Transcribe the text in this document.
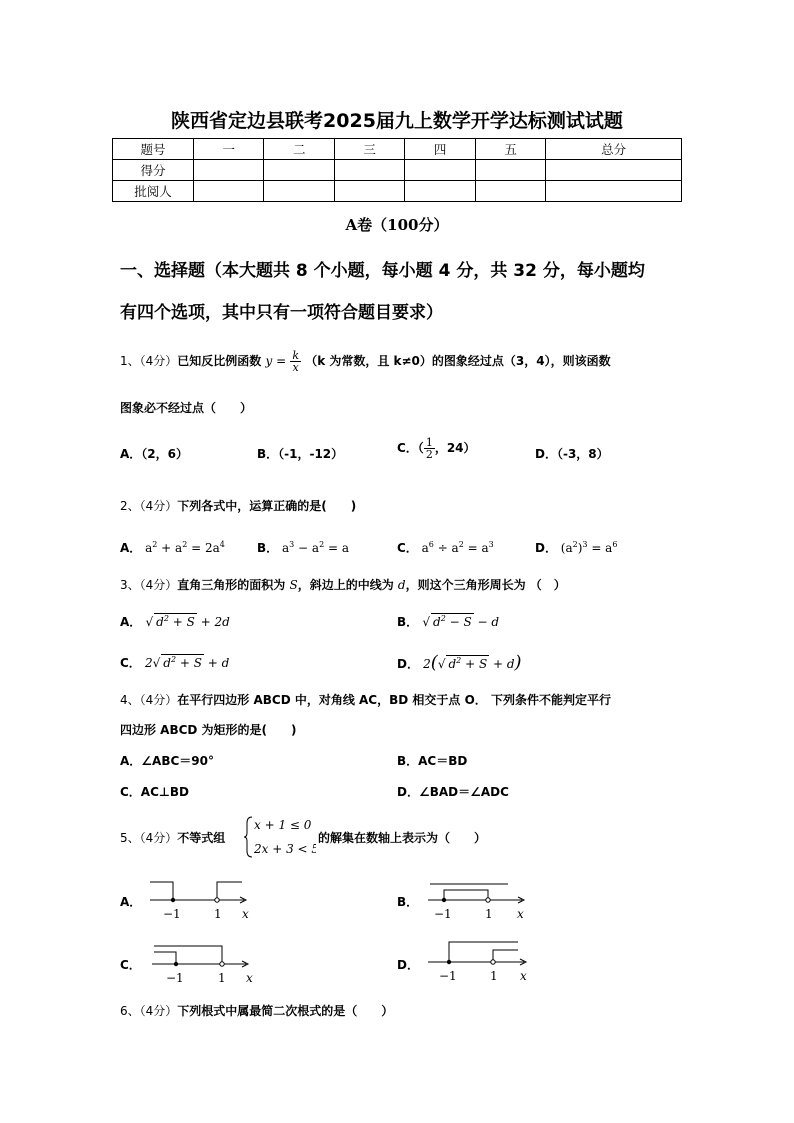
陕西省定边县联考2025届九上数学开学达标测试试题
题号	一	二	三	四	五	总分
得分						
批阅人						
A卷（100分）
一、选择题（本大题共 8 个小题，每小题 4 分，共 32 分，每小题均
有四个选项，其中只有一项符合题目要求）
1、（4分）已知反比例函数 $y = \frac{k}{x} (k$ 为常数，且 k≠0）的图象经过点（3，4），则该函数
图象必不经过点（　　）
A．（2，6）	B．（-1，-12）	C．（ $\frac{1}{2}$ ，24）	D．（-3，8）
2、（4分）下列各式中，运算正确的是(　　)
A． $a^2 + a^2 = 2a^4$	B． $a^3 - a^2 = a$	C． $a^6 \div a^2 = a^3$	D． $(a^2)^3 = a^6$
3、（4分）直角三角形的面积为 S，斜边上的中线为 d，则这个三角形周长为 （　）
A． √ $d^2 + S + 2d$	B． √ $d^2 - S - d$
C． 2√ $d^2 + S + d$	D． 2(√ $d^2 + S + d$)
4、（4分）在平行四边形 ABCD 中，对角线 AC，BD 相交于点 O． 下列条件不能判定平行
四边形 ABCD 为矩形的是(　　)
A．∠ABC＝90°	B．AC＝BD
C．AC⊥BD	D．∠BAD＝∠ADC
5、（4分）不等式组
x + 1 ≤ 0
2x + 3 < 5
的解集在数轴上表示为（　　）
A．	B．
C．	D．
−1	1 x	−1	1 x
−1	1 x	−1	1 x
6、（4分）下列根式中属最简二次根式的是（　　）
